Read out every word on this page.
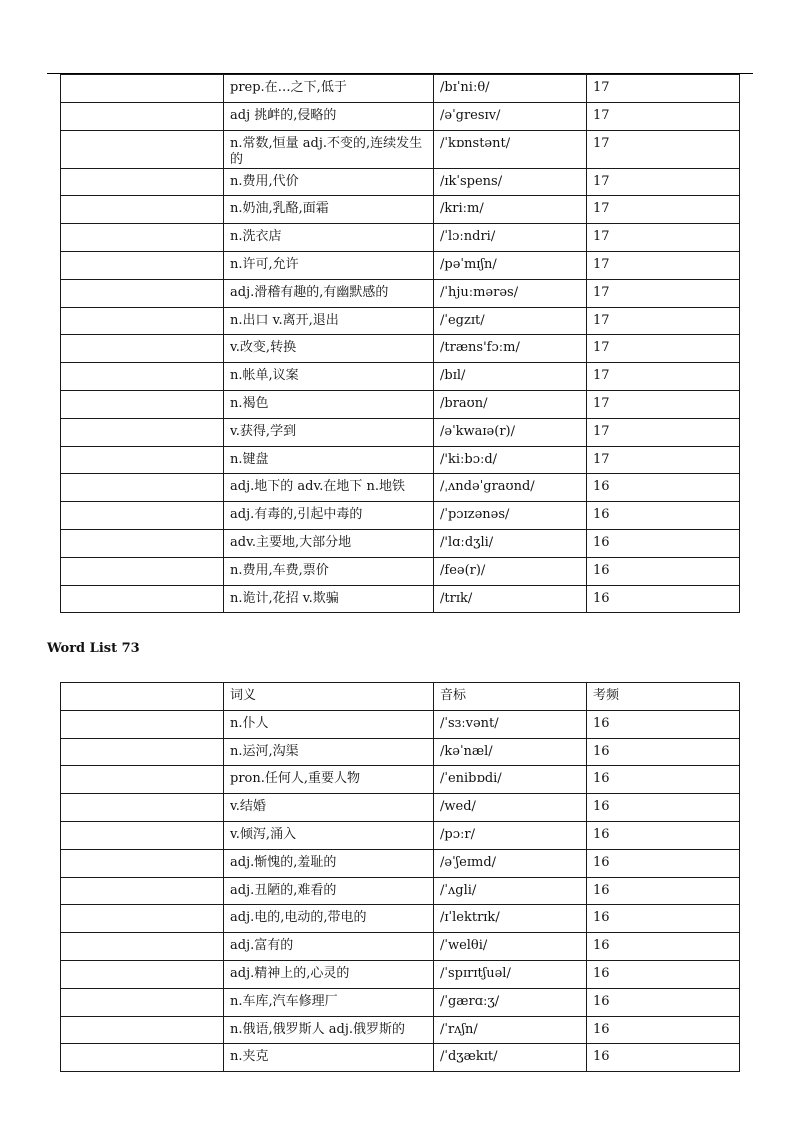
	prep.在…之下,低于	/bɪˈniːθ/	17
	adj 挑衅的,侵略的	/əˈgresɪv/	17
	n.常数,恒量 adj.不变的,连续发生的	/ˈkɒnstənt/	17
	n.费用,代价	/ɪkˈspens/	17
	n.奶油,乳酪,面霜	/kriːm/	17
	n.洗衣店	/ˈlɔːndri/	17
	n.许可,允许	/pəˈmɪʃn/	17
	adj.滑稽有趣的,有幽默感的	/ˈhjuːmərəs/	17
	n.出口 v.离开,退出	/ˈegzɪt/	17
	v.改变,转换	/træns'fɔːm/	17
	n.帐单,议案	/bɪl/	17
	n.褐色	/braʊn/	17
	v.获得,学到	/əˈkwaɪə(r)/	17
	n.键盘	/'kiːbɔːd/	17
	adj.地下的 adv.在地下 n.地铁	/ˌʌndəˈgraʊnd/	16
	adj.有毒的,引起中毒的	/ˈpɔɪzənəs/	16
	adv.主要地,大部分地	/'lɑːdʒli/	16
	n.费用,车费,票价	/feə(r)/	16
	n.诡计,花招 v.欺骗	/trɪk/	16
Word List 73
	词义	音标	考频
	n.仆人	/ˈsɜːvənt/	16
	n.运河,沟渠	/kəˈnæl/	16
	pron.任何人,重要人物	/ˈenibɒdi/	16
	v.结婚	/wed/	16
	v.倾泻,涌入	/pɔːr/	16
	adj.惭愧的,羞耻的	/əˈʃeɪmd/	16
	adj.丑陋的,难看的	/ˈʌgli/	16
	adj.电的,电动的,带电的	/ɪˈlektrɪk/	16
	adj.富有的	/ˈwelθi/	16
	adj.精神上的,心灵的	/ˈspɪrɪtʃuəl/	16
	n.车库,汽车修理厂	/ˈgærɑːʒ/	16
	n.俄语,俄罗斯人 adj.俄罗斯的	/ˈrʌʃn/	16
	n.夹克	/ˈdʒækɪt/	16
